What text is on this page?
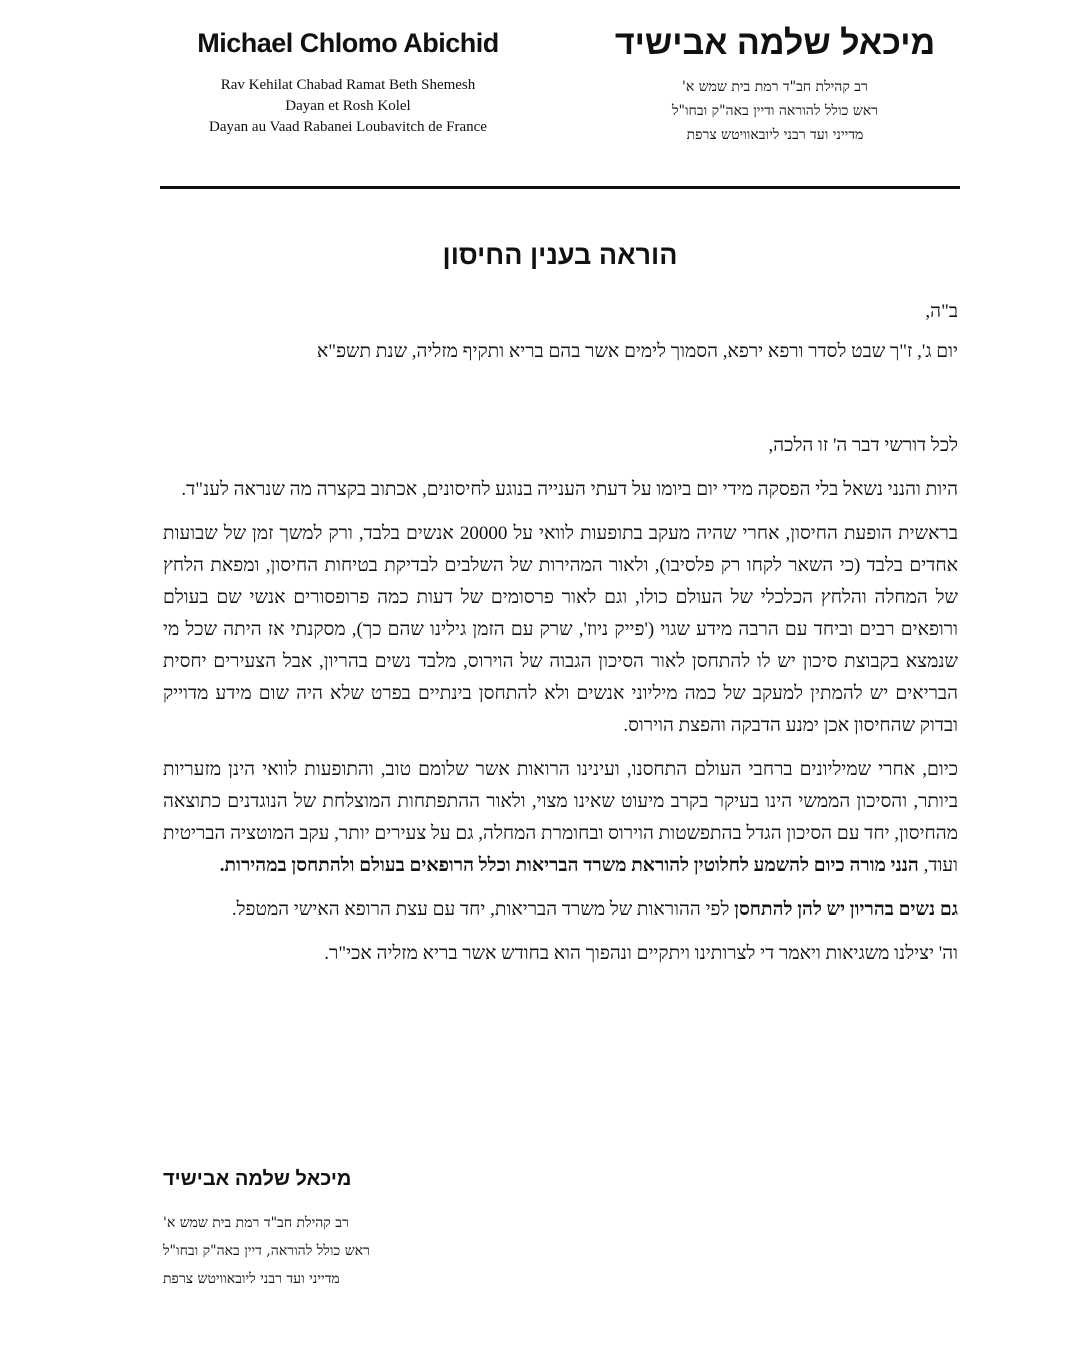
Michael Chlomo Abichid
Rav Kehilat Chabad Ramat Beth Shemesh
Dayan et Rosh Kolel
Dayan au Vaad Rabanei Loubavitch de France
מיכאל שלמה אבישיד
רב קהילת חב"ד רמת בית שמש א'
ראש כולל להוראה ודיין באה"ק ובחו"ל
מדייני ועד רבני ליובאוויטש צרפת
הוראה בענין החיסון

ב"ה,

יום ג', ז"ך שבט לסדר ורפא ירפא, הסמוך לימים אשר בהם בריא ותקיף מזליה, שנת תשפ"א

לכל דורשי דבר ה' זו הלכה,

היות והנני נשאל בלי הפסקה מידי יום ביומו על דעתי הענייה בנוגע לחיסונים, אכתוב בקצרה מה שנראה לענ"ד.

בראשית הופעת החיסון, אחרי שהיה מעקב בתופעות לוואי על 20000 אנשים בלבד, ורק למשך זמן של שבועות אחדים בלבד (כי השאר לקחו רק פלסיבו), ולאור המהירות של השלבים לבדיקת בטיחות החיסון, ומפאת הלחץ של המחלה והלחץ הכלכלי של העולם כולו, וגם לאור פרסומים של דעות כמה פרופסורים אנשי שם בעולם ורופאים רבים וביחד עם הרבה מידע שגוי ('פייק ניוז', שרק עם הזמן גילינו שהם כך), מסקנתי אז היתה שכל מי שנמצא בקבוצת סיכון יש לו להתחסן לאור הסיכון הגבוה של הוירוס, מלבד נשים בהריון, אבל הצעירים יחסית הבריאים יש להמתין למעקב של כמה מיליוני אנשים ולא להתחסן בינתיים בפרט שלא היה שום מידע מדוייק ובדוק שהחיסון אכן ימנע הדבקה והפצת הוירוס.

כיום, אחרי שמיליונים ברחבי העולם התחסנו, ועינינו הרואות אשר שלומם טוב, והתופעות לוואי הינן מזעריות ביותר, והסיכון הממשי הינו בעיקר בקרב מיעוט שאינו מצוי, ולאור ההתפתחות המוצלחת של הנוגדנים כתוצאה מהחיסון, יחד עם הסיכון הגדל בהתפשטות הוירוס ובחומרת המחלה, גם על צעירים יותר, עקב המוטציה הבריטית ועוד, הנני מורה כיום להשמע לחלוטין להוראת משרד הבריאות וכלל הרופאים בעולם ולהתחסן במהירות.

גם נשים בהריון יש להן להתחסן לפי ההוראות של משרד הבריאות, יחד עם עצת הרופא האישי המטפל.

וה' יצילנו משגיאות ויאמר די לצרותינו ויתקיים ונהפוך הוא בחודש אשר בריא מזליה אכי"ר.

מיכאל שלמה אבישיד
רב קהילת חב"ד רמת בית שמש א'
ראש כולל להוראה, דיין באה"ק ובחו"ל
מדייני ועד רבני ליובאוויטש צרפת
